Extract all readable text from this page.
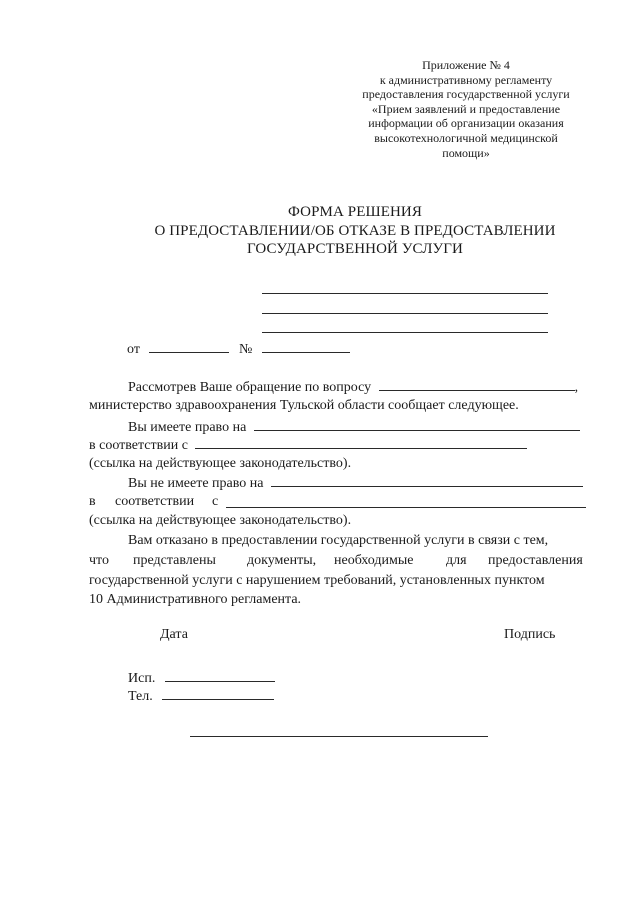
Приложение № 4
к административному регламенту
предоставления государственной услуги
«Прием заявлений и предоставление
информации об организации оказания
высокотехнологичной медицинской
помощи»
ФОРМА РЕШЕНИЯ
О ПРЕДОСТАВЛЕНИИ/ОБ ОТКАЗЕ В ПРЕДОСТАВЛЕНИИ
ГОСУДАРСТВЕННОЙ УСЛУГИ
от	№
Рассмотрев Ваше обращение по вопросу	,
министерство здравоохранения Тульской области сообщает следующее.
Вы имеете право на
в соответствии с
(ссылка на действующее законодательство).
Вы не имеете право на
в соответствии с
(ссылка на действующее законодательство).
Вам отказано в предоставлении государственной услуги в связи с тем,
что представлены документы, необходимые для предоставления
государственной услуги с нарушением требований, установленных пунктом
10 Административного регламента.
Дата	Подпись
Исп.
Тел.
